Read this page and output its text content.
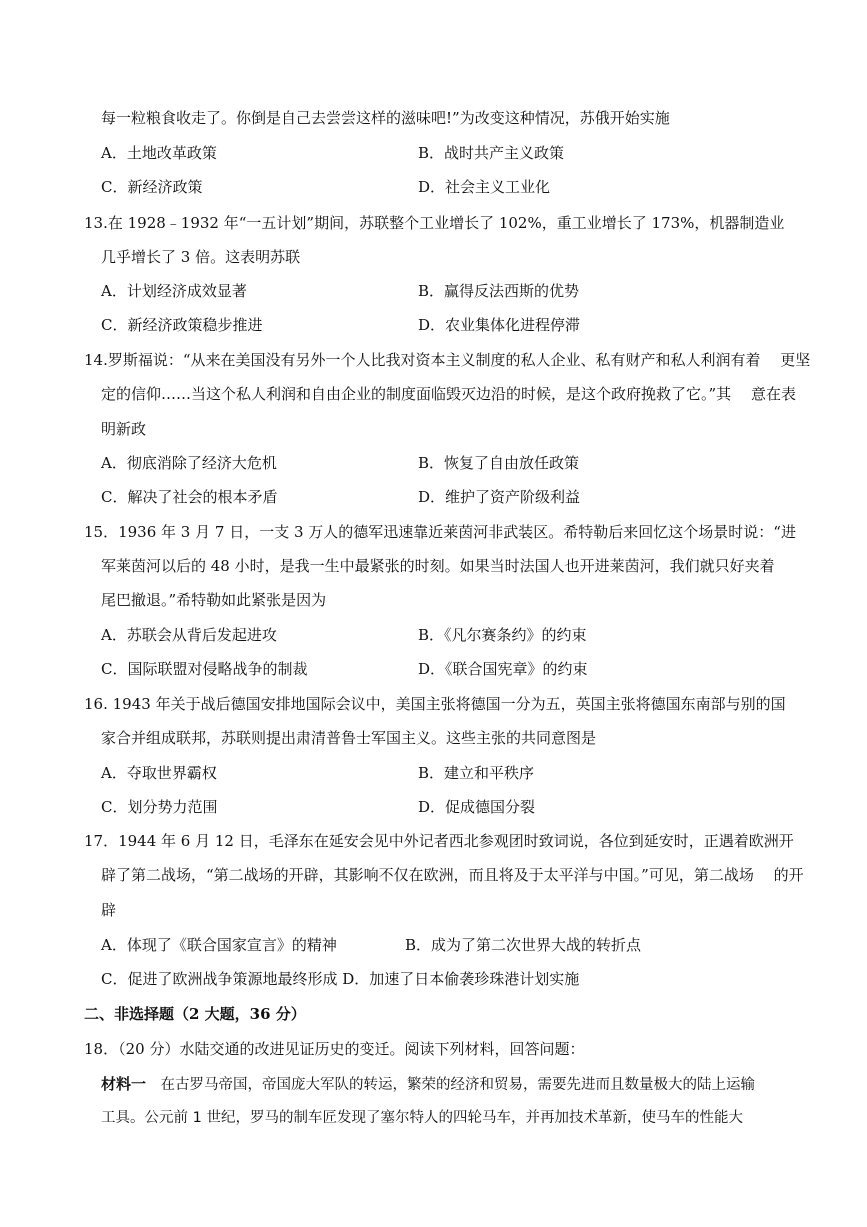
每一粒粮食收走了。你倒是自己去尝尝这样的滋味吧!”为改变这种情况，苏俄开始实施
A．土地改革政策	B．战时共产主义政策
C．新经济政策	D．社会主义工业化
13.在 1928﹣1932 年“一五计划”期间，苏联整个工业增长了 102%，重工业增长了 173%，机器制造业
几乎增长了 3 倍。这表明苏联
A．计划经济成效显著	B．赢得反法西斯的优势
C．新经济政策稳步推进	D．农业集体化进程停滞
14.罗斯福说：“从来在美国没有另外一个人比我对资本主义制度的私人企业、私有财产和私人利润有着　 更坚
定的信仰……当这个私人利润和自由企业的制度面临毁灭边沿的时候，是这个政府挽救了它。”其　 意在表
明新政
A．彻底消除了经济大危机	B．恢复了自由放任政策
C．解决了社会的根本矛盾	D．维护了资产阶级利益
15．1936 年 3 月 7 日，一支 3 万人的德军迅速靠近莱茵河非武装区。希特勒后来回忆这个场景时说：“进
军莱茵河以后的 48 小时，是我一生中最紧张的时刻。如果当时法国人也开进莱茵河，我们就只好夹着
尾巴撤退。”希特勒如此紧张是因为
A．苏联会从背后发起进攻	B．《凡尔赛条约》的约束
C．国际联盟对侵略战争的制裁	D．《联合国宪章》的约束
16. 1943 年关于战后德国安排地国际会议中，美国主张将德国一分为五，英国主张将德国东南部与别的国
家合并组成联邦，苏联则提出肃清普鲁士军国主义。这些主张的共同意图是
A．夺取世界霸权	B．建立和平秩序
C．划分势力范围	D．促成德国分裂
17．1944 年 6 月 12 日，毛泽东在延安会见中外记者西北参观团时致词说，各位到延安时，正遇着欧洲开
辟了第二战场，“第二战场的开辟，其影响不仅在欧洲，而且将及于太平洋与中国。”可见，第二战场　 的开
辟
A．体现了《联合国家宣言》的精神	B．成为了第二次世界大战的转折点
C．促进了欧洲战争策源地最终形成 D．加速了日本偷袭珍珠港计划实施
二、非选择题（2 大题，36 分）
18．（20 分）水陆交通的改进见证历史的变迁。阅读下列材料，回答问题：
材料一　在古罗马帝国，帝国庞大军队的转运，繁荣的经济和贸易，需要先进而且数量极大的陆上运输
工具。公元前 1 世纪，罗马的制车匠发现了塞尔特人的四轮马车，并再加技术革新，使马车的性能大
